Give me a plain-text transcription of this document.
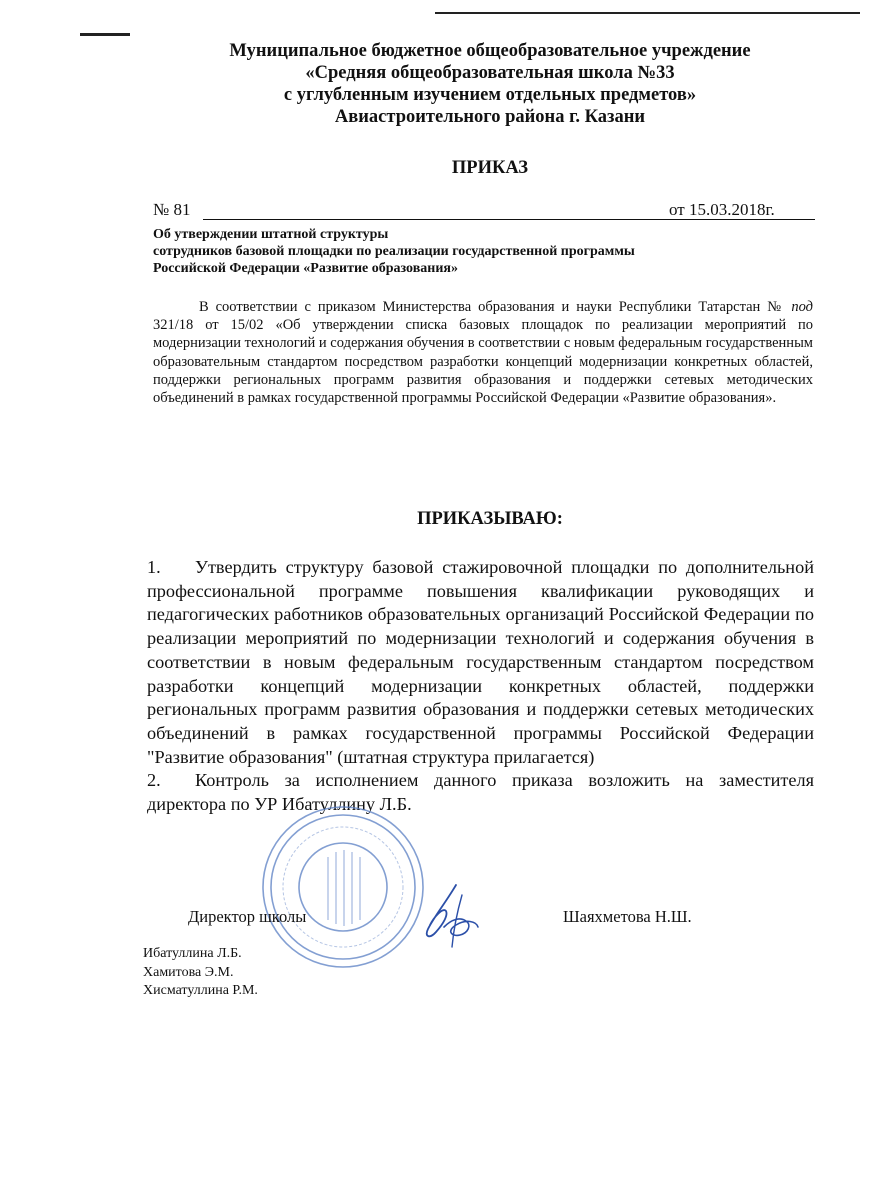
Муниципальное бюджетное общеобразовательное учреждение
«Средняя общеобразовательная школа №33
с углубленным изучением отдельных предметов»
Авиастроительного района г. Казани
ПРИКАЗ
№ 81	от 15.03.2018г.
Об утверждении штатной структуры
сотрудников базовой площадки по реализации государственной программы
Российской Федерации «Развитие образования»
В соответствии с приказом Министерства образования и науки Республики Татарстан № под 321/18 от 15/02 «Об утверждении списка базовых площадок по реализации мероприятий по модернизации технологий и содержания обучения в соответствии с новым федеральным государственным образовательным стандартом посредством разработки концепций модернизации конкретных областей, поддержки региональных программ развития образования и поддержки сетевых методических объединений в рамках государственной программы Российской Федерации «Развитие образования».
ПРИКАЗЫВАЮ:

1. Утвердить структуру базовой стажировочной площадки по дополнительной профессиональной программе повышения квалификации руководящих и педагогических работников образовательных организаций Российской Федерации по реализации мероприятий по модернизации технологий и содержания обучения в соответствии в новым федеральным государственным стандартом посредством разработки концепций модернизации конкретных областей, поддержки региональных программ развития образования и поддержки сетевых методических объединений в рамках государственной программы Российской Федерации "Развитие образования" (штатная структура прилагается)

2. Контроль за исполнением данного приказа возложить на заместителя директора по УР Ибатуллину Л.Б.

Директор школы	Шаяхметова Н.Ш.
Ибатуллина Л.Б.
Хамитова Э.М.
Хисматуллина Р.М.
